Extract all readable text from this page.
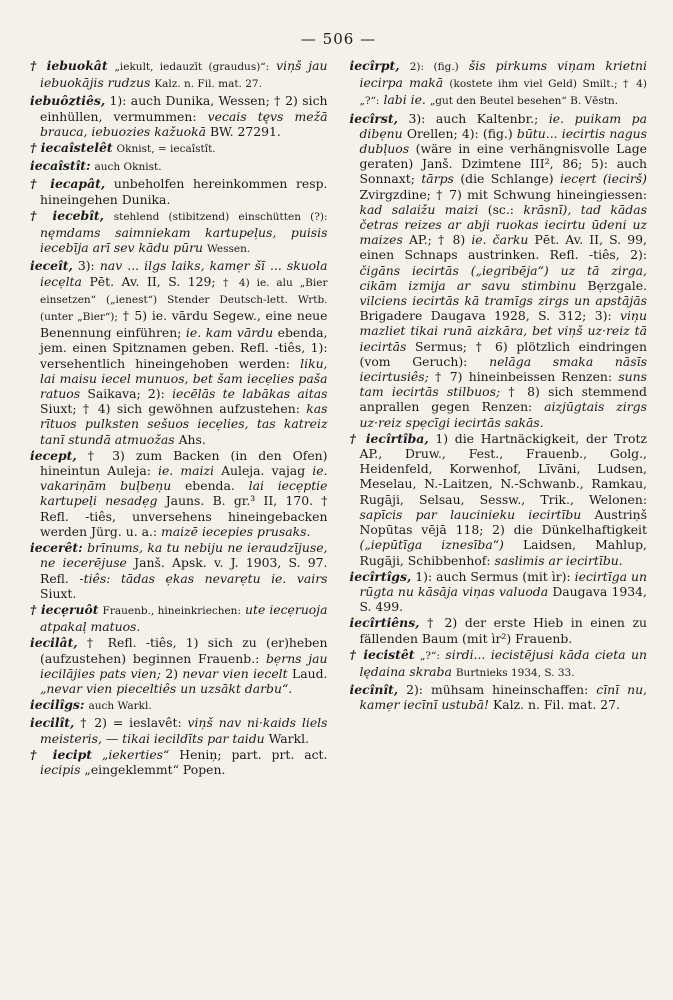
— 506 —

† iebuokât „iekult, iedauzīt (graudus)“: viņš jau iebuokājis rudzus Kalz. n. Fil. mat. 27.

iebuôztiês, 1): auch Dunika, Wessen; † 2) sich einhüllen, vermummen: vecais tęvs mežā brauca, iebuozies kažuokā BW. 27291.

† iecaîstelêt Oknist, = iecaîstît.

iecaîstît: auch Oknist.

† iecapât, unbeholfen hereinkommen resp. hineingehen Dunika.

† iecebît, stehlend (stibitzend) einschütten (?): nęmdams saimniekam kartupeļus, puisis iecebīja arī sev kādu pūru Wessen.

ieceît, 3): nav ... ilgs laiks, kamẹr šī ... skuola iecẹlta Pēt. Av. II, S. 129; † 4) ie. alu „Bier einsetzen“ („ienest“) Stender Deutsch-lett. Wrtb. (unter „Bier“); † 5) ie. vārdu Segew., eine neue Benennung einführen; ie. kam vārdu ebenda, jem. einen Spitznamen geben. Refl. -tiês, 1): versehentlich hineingehoben werden: liku, lai maisu iecel munuos, bet šam iecẹlies paša ratuos Saikava; 2): iecēlās te labākas aitas Siuxt; † 4) sich gewöhnen aufzustehen: kas rītuos pulksten sešuos iecẹlies, tas katreiz tanī stundā atmuožas Ahs.

iecept, † 3) zum Backen (in den Ofen) hineintun Auleja: ie. maizi Auleja. vajag ie. vakariņām buļbeņu ebenda. lai iecẹptie kartupeļi nesadẹg Jauns. B. gr.³ II, 170. † Refl. -tiês, unversehens hineingebacken werden Jürg. u. a.: maizē iecepies prusaks.

iecerêt: brīnums, ka tu nebiju ne ieraudzījuse, ne iecerējuse Janš. Apsk. v. J. 1903, S. 97. Refl. -tiês: tādas ẹkas nevarẹtu ie. vairs Siuxt.

† iecẹruôt Frauenb., hineinkriechen: ute iecẹruoja atpakaļ matuos.

iecilât, † Refl. -tiês, 1) sich zu (er)heben (aufzustehen) beginnen Frauenb.: bẹrns jau iecilājies pats vien; 2) nevar vien iecelt Laud. „nevar vien pieceltiês un uzsākt darbu“.

iecilîgs: auch Warkl.

iecilît, † 2) = ieslavêt: viņš nav ni·kaids liels meisteris, — tikai iecildīts par taidu Warkl.

† iecipt „iekerties“ Heniņ; part. prt. act. iecipis „eingeklemmt“ Popen.

iecîrpt, 2): (fig.) šis pirkums viņam krietni iecirpa makā (kostete ihm viel Geld) Smilt.; † 4) „?“: labi ie. „gut den Beutel besehen“ B. Vēstn.

iecîrst, 3): auch Kaltenbr.; ie. puikam pa dibẹnu Orellen; 4): (fig.) būtu... iecirtis nagus dubļuos (wäre in eine verhängnisvolle Lage geraten) Janš. Dzimtene III², 86; 5): auch Sonnaxt; tārps (die Schlange) iecẹrt (iecirš) Zvirgzdine; † 7) mit Schwung hineingiessen: kad salaižu maizi (sc.: krāsnī), tad kādas četras reizes ar abji ruokas iecirtu ūdeni uz maizes AP.; † 8) ie. čarku Pēt. Av. II, S. 99, einen Schnaps austrinken. Refl. -tiês, 2): čigāns iecirtās („iegribēja“) uz tā zirga, cikām izmija ar savu stimbinu Bẹrzgale. vilciens iecirtās kā tramīgs zirgs un apstājās Brigadere Daugava 1928, S. 312; 3): viņu mazliet tikai runā aizkāra, bet viņš uz·reiz tā iecirtās Sermus; † 6) plötzlich eindringen (vom Geruch): nelāga smaka nāsīs iecirtusiês; † 7) hineinbeissen Renzen: suns tam iecirtās stilbuos; † 8) sich stemmend anprallen gegen Renzen: aizjūgtais zirgs uz·reiz spẹcīgi iecirtās sakās.

† iecîrtîba, 1) die Hartnäckigkeit, der Trotz AP., Druw., Fest., Frauenb., Golg., Heidenfeld, Korwenhof, Līvāni, Ludsen, Meselau, N.-Laitzen, N.-Schwanb., Ramkau, Rugāji, Selsau, Sessw., Trik., Welonen: sapīcis par laucinieku iecirtību Austriņš Nopūtas vējā 118; 2) die Dünkelhaftigkeit („iepūtīga iznesība“) Laidsen, Mahlup, Rugāji, Schibbenhof: saslimis ar iecirtību.

iecîrtîgs, 1): auch Sermus (mit ìr): iecirtīga un rūgta nu kāsāja viņas valuoda Daugava 1934, S. 499.

iecîrtiêns, † 2) der erste Hieb in einen zu fällenden Baum (mit ìr²) Frauenb.

† iecistêt „?“: sirdi... iecistējusi kāda cieta un lędaina skraba Burtnieks 1934, S. 33.

iecînît, 2): mühsam hineinschaffen: cīnī nu, kamẹr iecīnī ustubā! Kalz. n. Fil. mat. 27.
